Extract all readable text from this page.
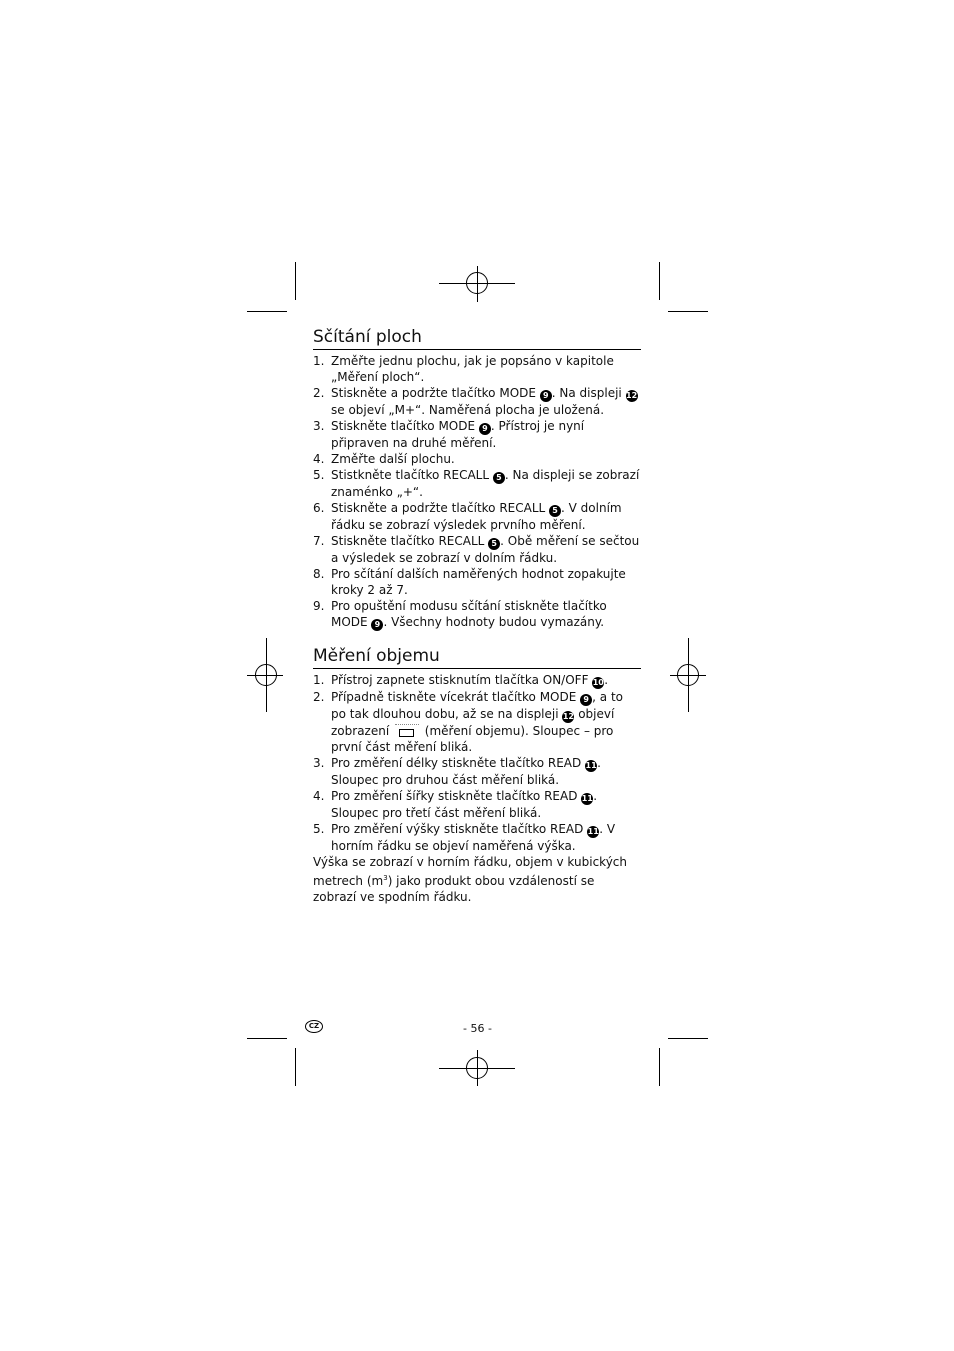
Sčítání ploch
1. Změřte jednu plochu, jak je popsáno v kapitole „Měření ploch“.
2. Stiskněte a podržte tlačítko MODE 9 . Na displeji 12 se objeví „M+“. Naměřená plocha je uložená.
3. Stiskněte tlačítko MODE 9 . Přístroj je nyní připraven na druhé měření.
4. Změřte další plochu.
5. Stistkněte tlačítko RECALL 5 . Na displeji se zobrazí znaménko „+“.
6. Stiskněte a podržte tlačítko RECALL 5 . V dolním řádku se zobrazí výsledek prvního měření.
7. Stiskněte tlačítko RECALL 5 . Obě měření se sečtou a výsledek se zobrazí v dolním řádku.
8. Pro sčítání dalších naměřených hodnot zopakujte kroky 2 až 7.
9. Pro opuštění modusu sčítání stiskněte tlačítko MODE 9 . Všechny hodnoty budou vymazány.
Měření objemu
1. Přístroj zapnete stisknutím tlačítka ON/OFF 10.
2. Případně tiskněte vícekrát tlačítko MODE 9 , a to po tak dlouhou dobu, až se na displeji 12 objeví zobrazení  (měření objemu). Sloupec – pro první část měření bliká.
3. Pro změření délky stiskněte tlačítko READ 11. Sloupec pro druhou část měření bliká.
4. Pro změření šířky stiskněte tlačítko READ 11. Sloupec pro třetí část měření bliká.
5. Pro změření výšky stiskněte tlačítko READ 11. V horním řádku se objeví naměřená výška.

Výška se zobrazí v horním řádku, objem v kubických metrech $(m^3)$ jako produkt obou vzdáleností se zobrazí ve spodním řádku.

CZ	- 56 -
